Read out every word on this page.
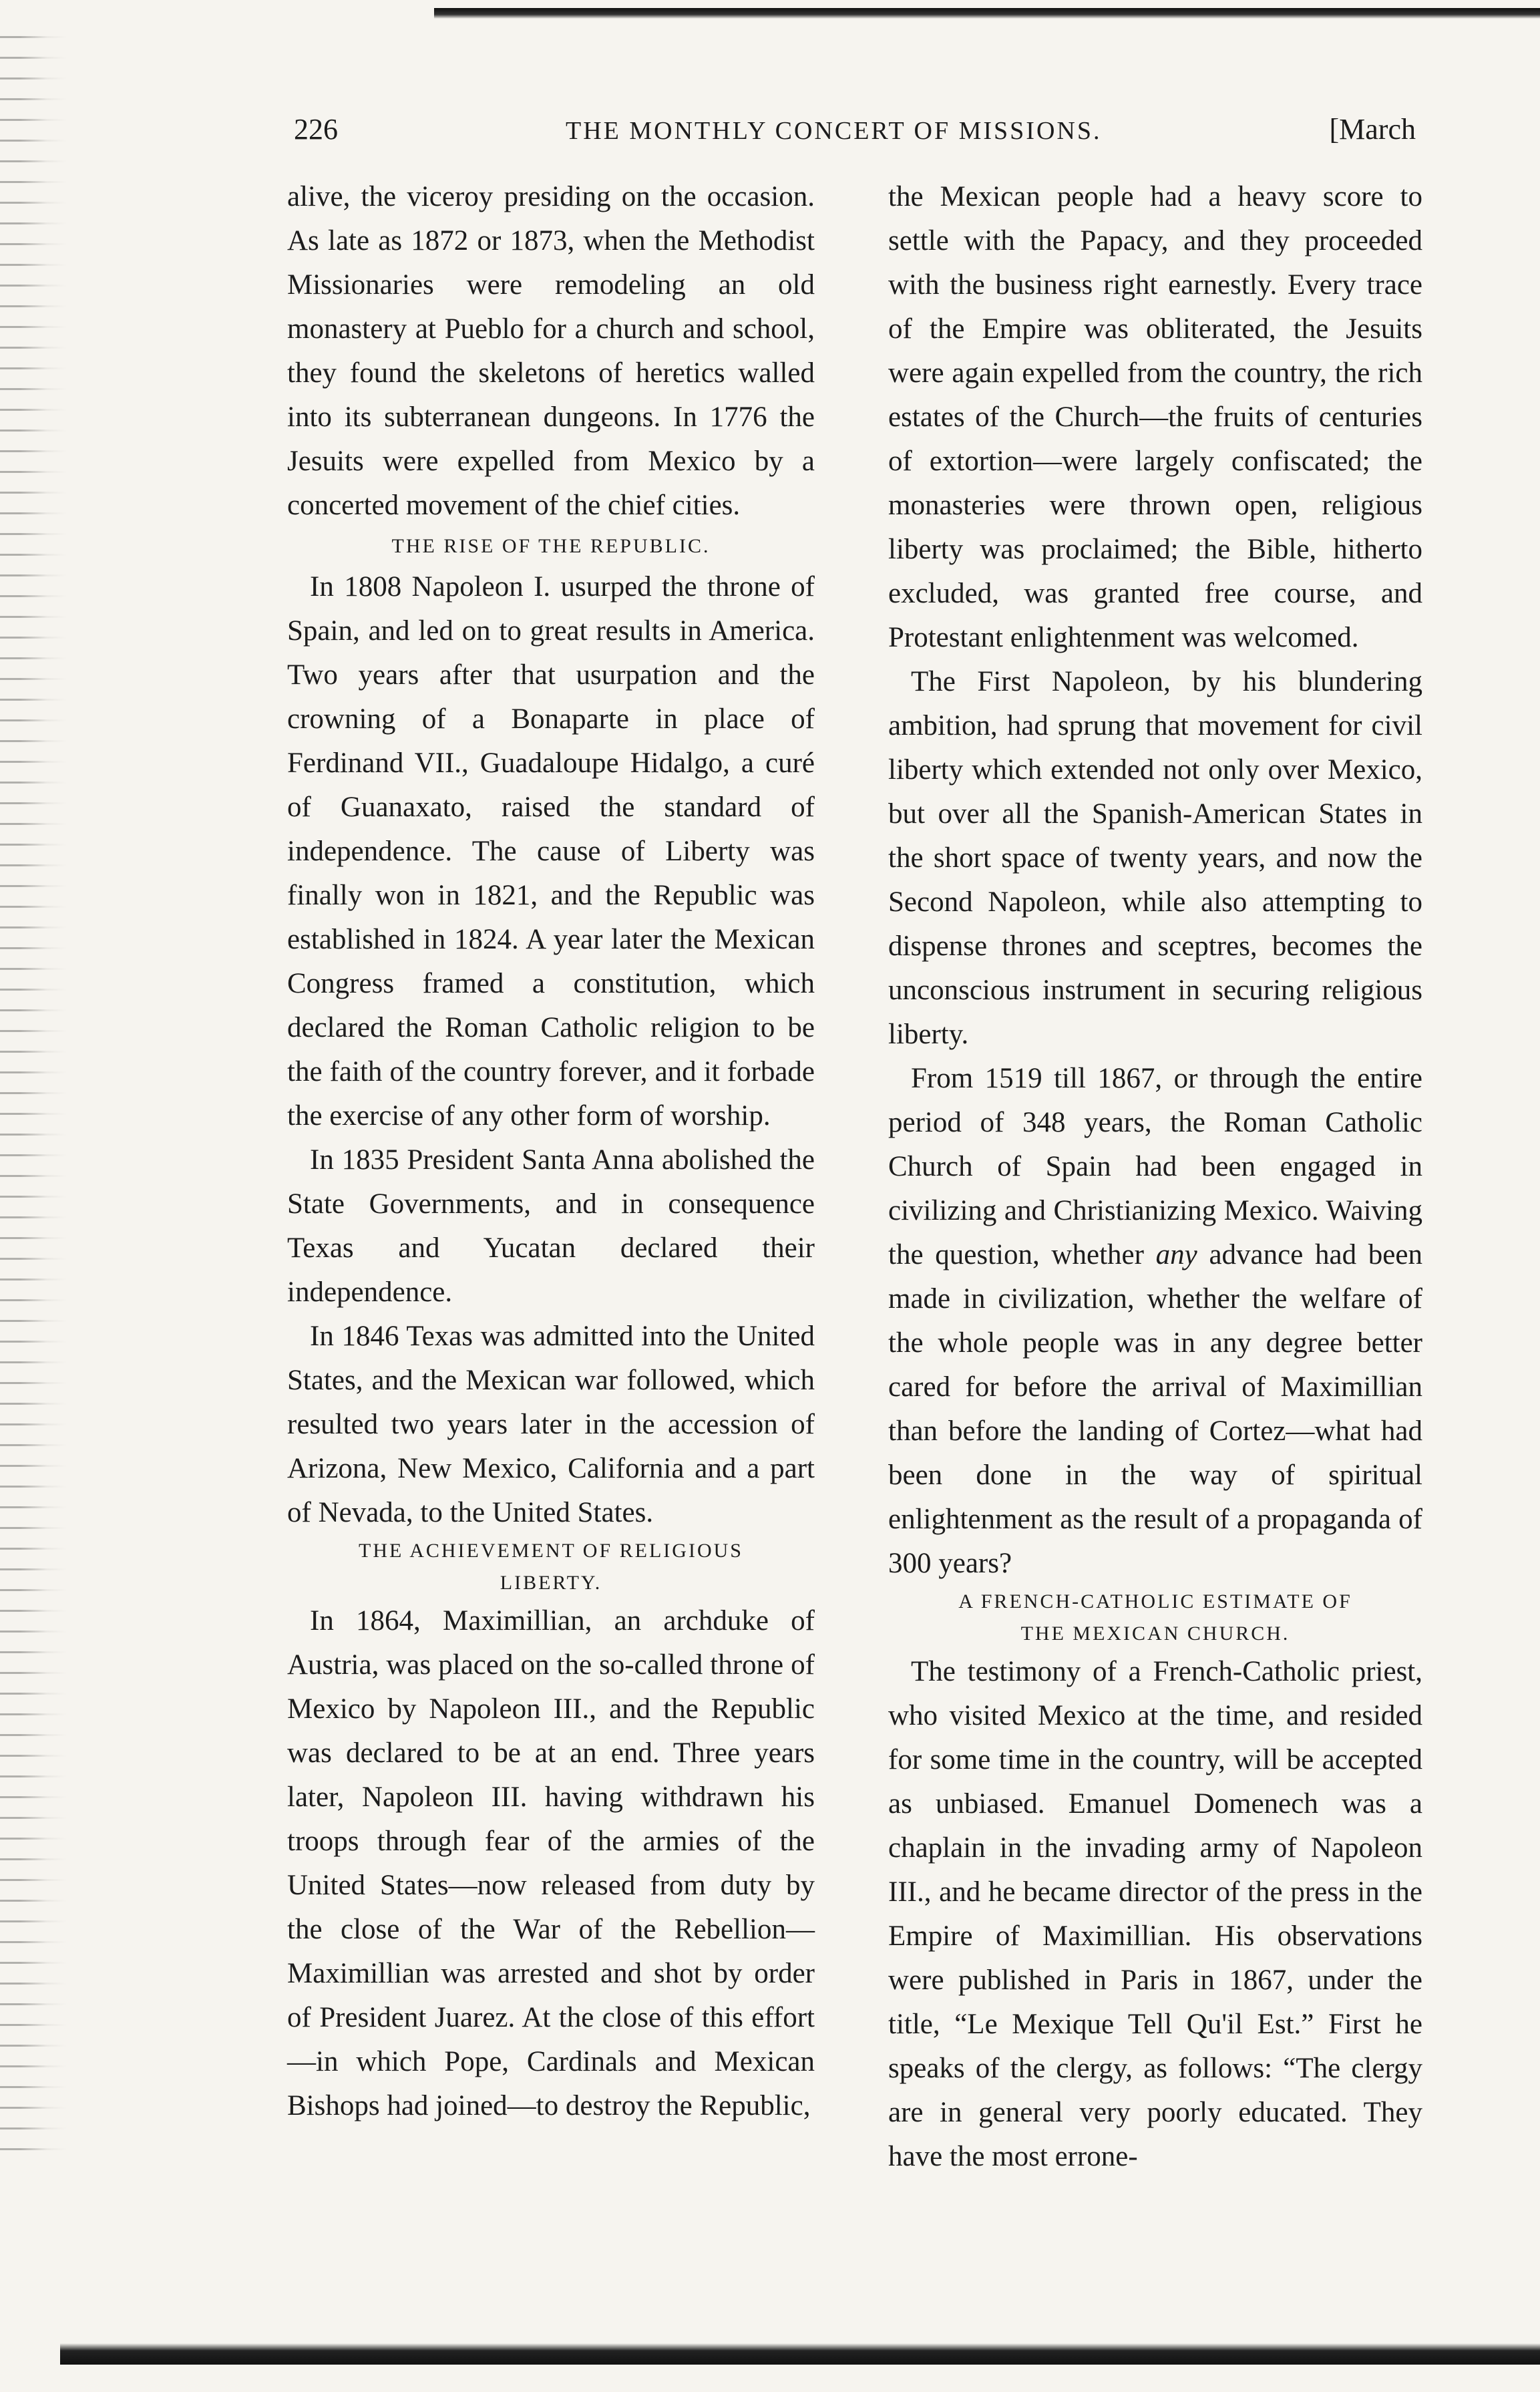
226	THE MONTHLY CONCERT OF MISSIONS.	[March

alive, the viceroy presiding on the occasion. As late as 1872 or 1873, when the Methodist Missionaries were remodeling an old monastery at Pueblo for a church and school, they found the skeletons of heretics walled into its subterranean dungeons. In 1776 the Jesuits were expelled from Mexico by a concerted movement of the chief cities.

THE RISE OF THE REPUBLIC.

In 1808 Napoleon I. usurped the throne of Spain, and led on to great results in America. Two years after that usurpation and the crowning of a Bonaparte in place of Ferdinand VII., Guadaloupe Hidalgo, a curé of Guanaxato, raised the standard of independence. The cause of Liberty was finally won in 1821, and the Republic was established in 1824. A year later the Mexican Congress framed a constitution, which declared the Roman Catholic religion to be the faith of the country forever, and it forbade the exercise of any other form of worship.

In 1835 President Santa Anna abolished the State Governments, and in consequence Texas and Yucatan declared their independence.

In 1846 Texas was admitted into the United States, and the Mexican war followed, which resulted two years later in the accession of Arizona, New Mexico, California and a part of Nevada, to the United States.

THE ACHIEVEMENT OF RELIGIOUS
LIBERTY.

In 1864, Maximillian, an archduke of Austria, was placed on the so-called throne of Mexico by Napoleon III., and the Republic was declared to be at an end. Three years later, Napoleon III. having withdrawn his troops through fear of the armies of the United States—now released from duty by the close of the War of the Rebellion—Maximillian was arrested and shot by order of President Juarez. At the close of this effort—in which Pope, Cardinals and Mexican Bishops had joined—to destroy the Republic,

the Mexican people had a heavy score to settle with the Papacy, and they proceeded with the business right earnestly. Every trace of the Empire was obliterated, the Jesuits were again expelled from the country, the rich estates of the Church—the fruits of centuries of extortion—were largely confiscated; the monasteries were thrown open, religious liberty was proclaimed; the Bible, hitherto excluded, was granted free course, and Protestant enlightenment was welcomed.

The First Napoleon, by his blundering ambition, had sprung that movement for civil liberty which extended not only over Mexico, but over all the Spanish-American States in the short space of twenty years, and now the Second Napoleon, while also attempting to dispense thrones and sceptres, becomes the unconscious instrument in securing religious liberty.

From 1519 till 1867, or through the entire period of 348 years, the Roman Catholic Church of Spain had been engaged in civilizing and Christianizing Mexico. Waiving the question, whether any advance had been made in civilization, whether the welfare of the whole people was in any degree better cared for before the arrival of Maximillian than before the landing of Cortez—what had been done in the way of spiritual enlightenment as the result of a propaganda of 300 years?

A FRENCH-CATHOLIC ESTIMATE OF
THE MEXICAN CHURCH.

The testimony of a French-Catholic priest, who visited Mexico at the time, and resided for some time in the country, will be accepted as unbiased. Emanuel Domenech was a chaplain in the invading army of Napoleon III., and he became director of the press in the Empire of Maximillian. His observations were published in Paris in 1867, under the title, “Le Mexique Tell Qu'il Est.” First he speaks of the clergy, as follows: “The clergy are in general very poorly educated. They have the most errone-
